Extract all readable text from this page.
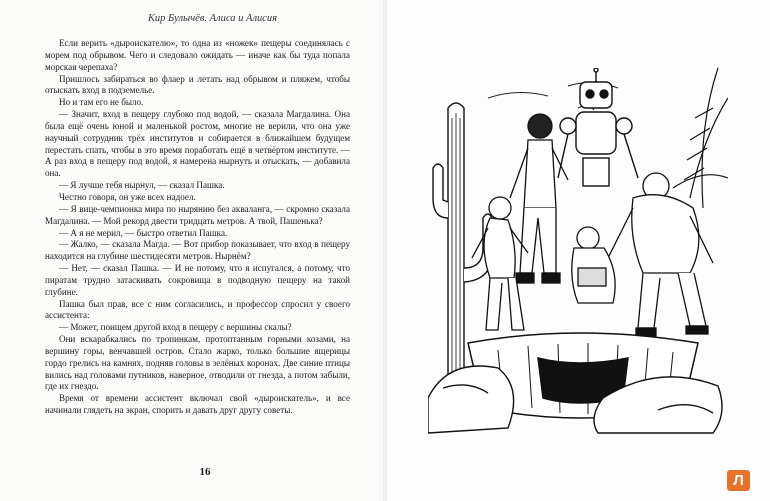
Кир Булычёв. Алиса и Алисия

Если верить «дыроискателю», то одна из «ножек» пещеры соединялась с морем под обрывом. Чего и следовало ожидать — иначе как бы туда попала морская черепаха?

Пришлось забираться во флаер и летать над обрывом и пляжем, чтобы отыскать вход в подземелье.

Но и там его не было.

— Значит, вход в пещеру глубоко под водой, — сказала Магдалина. Она была ещё очень юной и маленькой ростом, многие не верили, что она уже научный сотрудник трёх институтов и собирается в ближайшем будущем перестать спать, чтобы в это время поработать ещё в четвёртом институте. — А раз вход в пещеру под водой, я намерена нырнуть и отыскать, — добавила она.

— Я лучше тебя нырнул, — сказал Пашка.

Честно говоря, он уже всех надоел.

— Я вице-чемпионка мира по нырянию без акваланга, — скромно сказала Магдалина. — Мой рекорд двести тридцать метров. А твой, Пашенька?

— А я не мерил, — быстро ответил Пашка.

— Жалко, — сказала Магда. — Вот прибор показывает, что вход в пещеру находится на глубине шестидесяти метров. Нырнём?

— Нет, — сказал Пашка. — И не потому, что я испугался, а потому, что пиратам трудно затаскивать сокровища в подводную пещеру на такой глубине.

Пашка был прав, все с ним согласились, и профессор спросил у своего ассистента:

— Может, поищем другой вход в пещеру с вершины скалы?

Они вскарабкались по тропинкам, протоптанным горными козами, на вершину горы, венчавшей остров. Стало жарко, только большие ящерицы гордо грелись на камнях, подняв головы в зелёных коронах. Две синие птицы вились над головами путников, наверное, отводили от гнезда, а потом забыли, где их гнездо.

Время от времени ассистент включал свой «дыроискатель», и все начинали глядеть на экран, спорить и давать друг другу советы.

16	Л
